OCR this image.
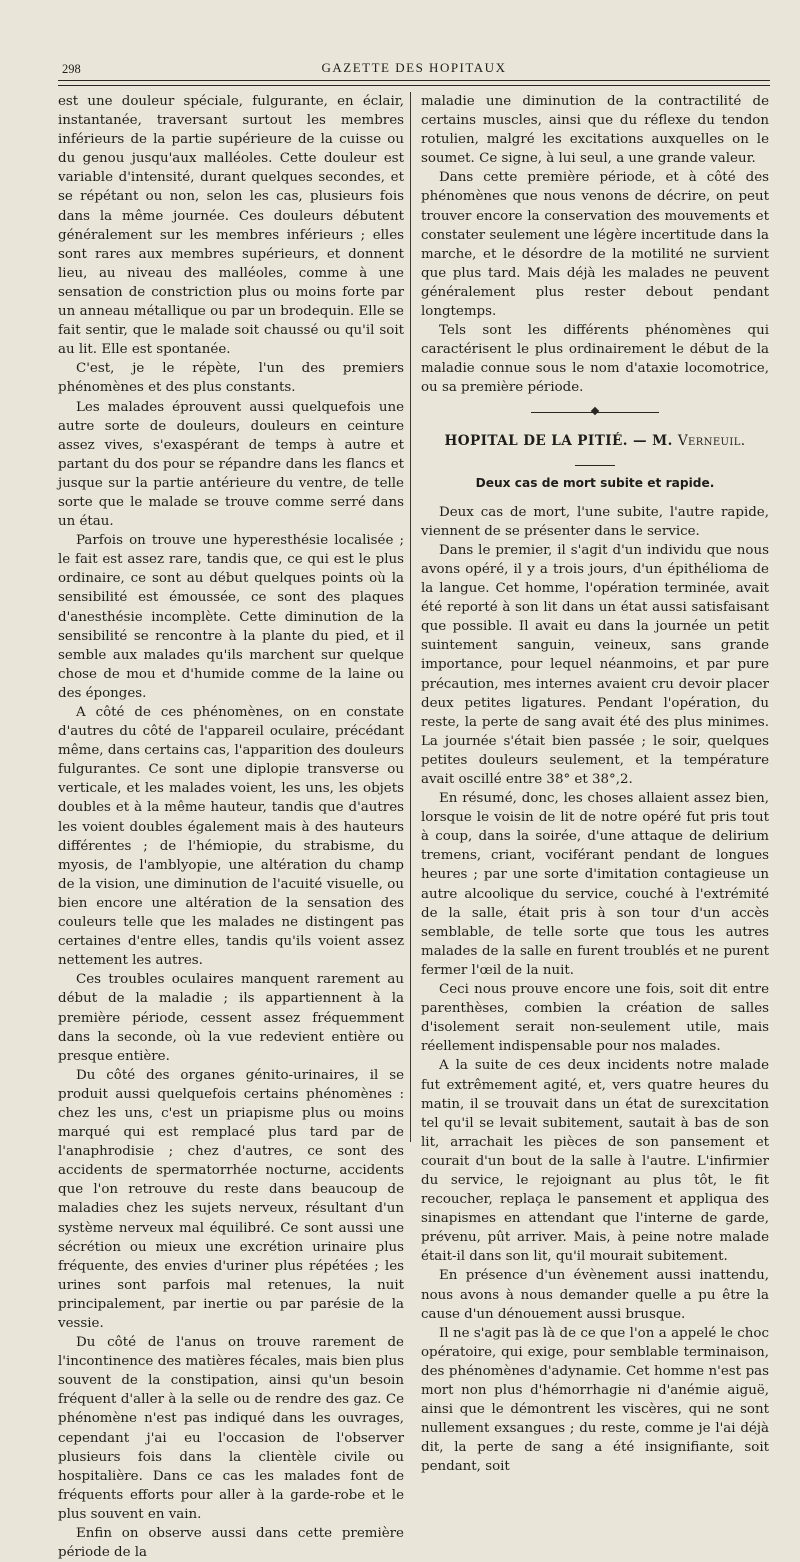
298	GAZETTE DES HOPITAUX

est une douleur spéciale, fulgurante, en éclair, instantanée, traversant surtout les membres inférieurs de la partie supérieure de la cuisse ou du genou jusqu'aux malléoles. Cette douleur est variable d'intensité, durant quelques secondes, et se répétant ou non, selon les cas, plusieurs fois dans la même journée. Ces douleurs débutent généralement sur les membres inférieurs ; elles sont rares aux membres supérieurs, et donnent lieu, au niveau des malléoles, comme à une sensation de constriction plus ou moins forte par un anneau métallique ou par un brodequin. Elle se fait sentir, que le malade soit chaussé ou qu'il soit au lit. Elle est spontanée.

C'est, je le répète, l'un des premiers phénomènes et des plus constants.

Les malades éprouvent aussi quelquefois une autre sorte de douleurs, douleurs en ceinture assez vives, s'exaspérant de temps à autre et partant du dos pour se répandre dans les flancs et jusque sur la partie antérieure du ventre, de telle sorte que le malade se trouve comme serré dans un étau.

Parfois on trouve une hyperesthésie localisée ; le fait est assez rare, tandis que, ce qui est le plus ordinaire, ce sont au début quelques points où la sensibilité est émoussée, ce sont des plaques d'anesthésie incomplète. Cette diminution de la sensibilité se rencontre à la plante du pied, et il semble aux malades qu'ils marchent sur quelque chose de mou et d'humide comme de la laine ou des éponges.

A côté de ces phénomènes, on en constate d'autres du côté de l'appareil oculaire, précédant même, dans certains cas, l'apparition des douleurs fulgurantes. Ce sont une diplopie transverse ou verticale, et les malades voient, les uns, les objets doubles et à la même hauteur, tandis que d'autres les voient doubles également mais à des hauteurs différentes ; de l'hémiopie, du strabisme, du myosis, de l'amblyopie, une altération du champ de la vision, une diminution de l'acuité visuelle, ou bien encore une altération de la sensation des couleurs telle que les malades ne distingent pas certaines d'entre elles, tandis qu'ils voient assez nettement les autres.

Ces troubles oculaires manquent rarement au début de la maladie ; ils appartiennent à la première période, cessent assez fréquemment dans la seconde, où la vue redevient entière ou presque entière.

Du côté des organes génito-urinaires, il se produit aussi quelquefois certains phénomènes : chez les uns, c'est un priapisme plus ou moins marqué qui est remplacé plus tard par de l'anaphrodisie ; chez d'autres, ce sont des accidents de spermatorrhée nocturne, accidents que l'on retrouve du reste dans beaucoup de maladies chez les sujets nerveux, résultant d'un système nerveux mal équilibré. Ce sont aussi une sécrétion ou mieux une excrétion urinaire plus fréquente, des envies d'uriner plus répétées ; les urines sont parfois mal retenues, la nuit principalement, par inertie ou par parésie de la vessie.

Du côté de l'anus on trouve rarement de l'incontinence des matières fécales, mais bien plus souvent de la constipation, ainsi qu'un besoin fréquent d'aller à la selle ou de rendre des gaz. Ce phénomène n'est pas indiqué dans les ouvrages, cependant j'ai eu l'occasion de l'observer plusieurs fois dans la clientèle civile ou hospitalière. Dans ce cas les malades font de fréquents efforts pour aller à la garde-robe et le plus souvent en vain.

Enfin on observe aussi dans cette première période de la

maladie une diminution de la contractilité de certains muscles, ainsi que du réflexe du tendon rotulien, malgré les excitations auxquelles on le soumet. Ce signe, à lui seul, a une grande valeur.

Dans cette première période, et à côté des phénomènes que nous venons de décrire, on peut trouver encore la conservation des mouvements et constater seulement une légère incertitude dans la marche, et le désordre de la motilité ne survient que plus tard. Mais déjà les malades ne peuvent généralement plus rester debout pendant longtemps.

Tels sont les différents phénomènes qui caractérisent le plus ordinairement le début de la maladie connue sous le nom d'ataxie locomotrice, ou sa première période.

HOPITAL DE LA PITIÉ. — M. Verneuil.
Deux cas de mort subite et rapide.

Deux cas de mort, l'une subite, l'autre rapide, viennent de se présenter dans le service.

Dans le premier, il s'agit d'un individu que nous avons opéré, il y a trois jours, d'un épithélioma de la langue. Cet homme, l'opération terminée, avait été reporté à son lit dans un état aussi satisfaisant que possible. Il avait eu dans la journée un petit suintement sanguin, veineux, sans grande importance, pour lequel néanmoins, et par pure précaution, mes internes avaient cru devoir placer deux petites ligatures. Pendant l'opération, du reste, la perte de sang avait été des plus minimes. La journée s'était bien passée ; le soir, quelques petites douleurs seulement, et la température avait oscillé entre 38° et 38°,2.

En résumé, donc, les choses allaient assez bien, lorsque le voisin de lit de notre opéré fut pris tout à coup, dans la soirée, d'une attaque de delirium tremens, criant, vociférant pendant de longues heures ; par une sorte d'imitation contagieuse un autre alcoolique du service, couché à l'extrémité de la salle, était pris à son tour d'un accès semblable, de telle sorte que tous les autres malades de la salle en furent troublés et ne purent fermer l'œil de la nuit.

Ceci nous prouve encore une fois, soit dit entre parenthèses, combien la création de salles d'isolement serait non-seulement utile, mais réellement indispensable pour nos malades.

A la suite de ces deux incidents notre malade fut extrêmement agité, et, vers quatre heures du matin, il se trouvait dans un état de surexcitation tel qu'il se levait subitement, sautait à bas de son lit, arrachait les pièces de son pansement et courait d'un bout de la salle à l'autre. L'infirmier du service, le rejoignant au plus tôt, le fit recoucher, replaça le pansement et appliqua des sinapismes en attendant que l'interne de garde, prévenu, pût arriver. Mais, à peine notre malade était-il dans son lit, qu'il mourait subitement.

En présence d'un évènement aussi inattendu, nous avons à nous demander quelle a pu être la cause d'un dénouement aussi brusque.

Il ne s'agit pas là de ce que l'on a appelé le choc opératoire, qui exige, pour semblable terminaison, des phénomènes d'adynamie. Cet homme n'est pas mort non plus d'hémorrhagie ni d'anémie aiguë, ainsi que le démontrent les viscères, qui ne sont nullement exsangues ; du reste, comme je l'ai déjà dit, la perte de sang a été insignifiante, soit pendant, soit
